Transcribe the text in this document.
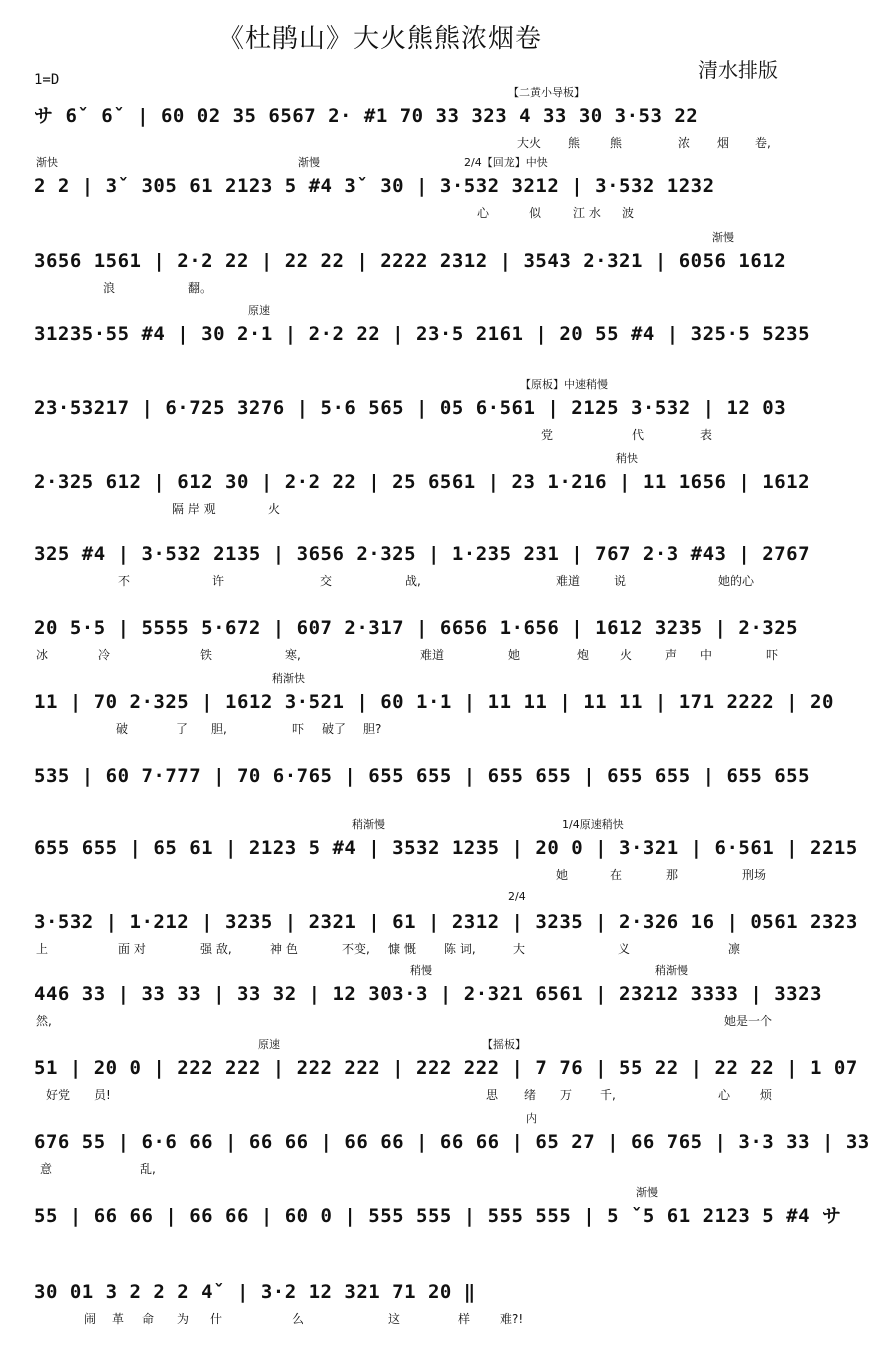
《杜鹃山》大火熊熊浓烟卷
清水排版
1=D
【二黄小导板】
サ 6ˇ 6ˇ | 60 02 35 6567 2· #1 70 33 323 4 33 30 3·53 22
大火 熊 熊	浓 烟 卷,
渐快	渐慢	2/4【回龙】中快
2 2 | 3ˇ 305 61 2123 5 #4 3ˇ 30 | 3·532 3212 | 3·532 1232
心	似	江 水 波
渐慢
3656 1561 | 2·2 22 | 22 22 | 2222 2312 | 3543 2·321 | 6056 1612
浪	翻。
原速
31235·55 #4 | 30 2·1 | 2·2 22 | 23·5 2161 | 20 55 #4 | 325·5 5235
【原板】中速稍慢
23·53217 | 6·725 3276 | 5·6 565 | 05 6·561 | 2125 3·532 | 12 03
党	代	表
稍快
2·325 612 | 612 30 | 2·2 22 | 25 6561 | 23 1·216 | 11 1656 | 1612
隔 岸 观	火
325 #4 | 3·532 2135 | 3656 2·325 | 1·235 231 | 767 2·3 #43 | 2767
不	许	交	战,	难道	说	她的心
20 5·5 | 5555 5·672 | 607 2·317 | 6656 1·656 | 1612 3235 | 2·325
冰	冷	铁	寒,	难道	她	炮	火	声 中	吓
稍渐快
11 | 70 2·325 | 1612 3·521 | 60 1·1 | 11 11 | 11 11 | 171 2222 | 20
破	了 胆,	吓 破了 胆?
535 | 60 7·777 | 70 6·765 | 655 655 | 655 655 | 655 655 | 655 655
稍渐慢	1/4原速稍快
655 655 | 65 61 | 2123 5 #4 | 3532 1235 | 20 0 | 3·321 | 6·561 | 2215
她	在	那	刑场
2/4
3·532 | 1·212 | 3235 | 2321 | 61 | 2312 | 3235 | 2·326 16 | 0561 2323
上	面 对	强 敌,	神 色	不变, 慷 慨 陈 词,	大	义	凛
稍慢	稍渐慢
446 33 | 33 33 | 33 32 | 12 303·3 | 2·321 6561 | 23212 3333 | 3323
然,	她是一个
原速	【摇板】
51 | 20 0 | 222 222 | 222 222 | 222 222 | 7 76 | 55 22 | 22 22 | 1 07
好党 员!	思 绪 万 千,	心 烦
内
676 55 | 6·6 66 | 66 66 | 66 66 | 66 66 | 65 27 | 66 765 | 3·3 33 | 33
意	乱,
渐慢
55 | 66 66 | 66 66 | 60 0 | 555 555 | 555 555 | 5 ˇ5 61 2123 5 #4 サ
30 01 3 2 2 2 4ˇ | 3·2 12 321 71 20 ‖
闹 革 命 为 什	么	这	样 难?!
